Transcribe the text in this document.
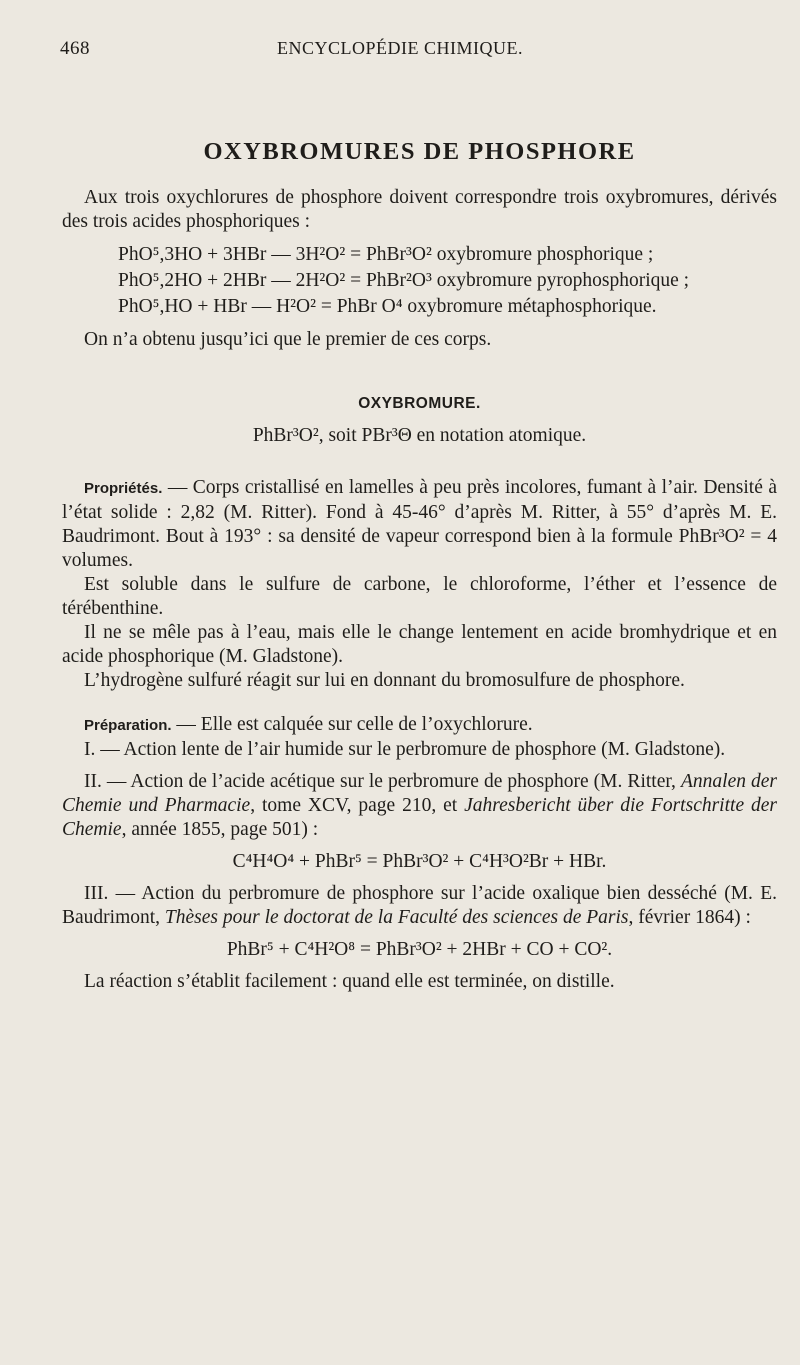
468	ENCYCLOPÉDIE CHIMIQUE.
OXYBROMURES DE PHOSPHORE

Aux trois oxychlorures de phosphore doivent correspondre trois oxybromures, dérivés des trois acides phosphoriques :

PhO⁵,3HO + 3HBr — 3H²O² = PhBr³O² oxybromure phosphorique ;

PhO⁵,2HO + 2HBr — 2H²O² = PhBr²O³ oxybromure pyrophosphorique ;

PhO⁵,HO + HBr — H²O² = PhBr O⁴ oxybromure métaphosphorique.

On n’a obtenu jusqu’ici que le premier de ces corps.

OXYBROMURE.

PhBr³O², soit PBr³Θ en notation atomique.

Propriétés. — Corps cristallisé en lamelles à peu près incolores, fumant à l’air. Densité à l’état solide : 2,82 (M. Ritter). Fond à 45-46° d’après M. Ritter, à 55° d’après M. E. Baudrimont. Bout à 193° : sa densité de vapeur correspond bien à la formule PhBr³O² = 4 volumes.

Est soluble dans le sulfure de carbone, le chloroforme, l’éther et l’essence de térébenthine.

Il ne se mêle pas à l’eau, mais elle le change lentement en acide bromhydrique et en acide phosphorique (M. Gladstone).

L’hydrogène sulfuré réagit sur lui en donnant du bromosulfure de phosphore.

Préparation. — Elle est calquée sur celle de l’oxychlorure.

I. — Action lente de l’air humide sur le perbromure de phosphore (M. Gladstone).

II. — Action de l’acide acétique sur le perbromure de phosphore (M. Ritter, Annalen der Chemie und Pharmacie, tome XCV, page 210, et Jahresbericht über die Fortschritte der Chemie, année 1855, page 501) :

C⁴H⁴O⁴ + PhBr⁵ = PhBr³O² + C⁴H³O²Br + HBr.

III. — Action du perbromure de phosphore sur l’acide oxalique bien desséché (M. E. Baudrimont, Thèses pour le doctorat de la Faculté des sciences de Paris, février 1864) :

PhBr⁵ + C⁴H²O⁸ = PhBr³O² + 2HBr + CO + CO².

La réaction s’établit facilement : quand elle est terminée, on distille.
